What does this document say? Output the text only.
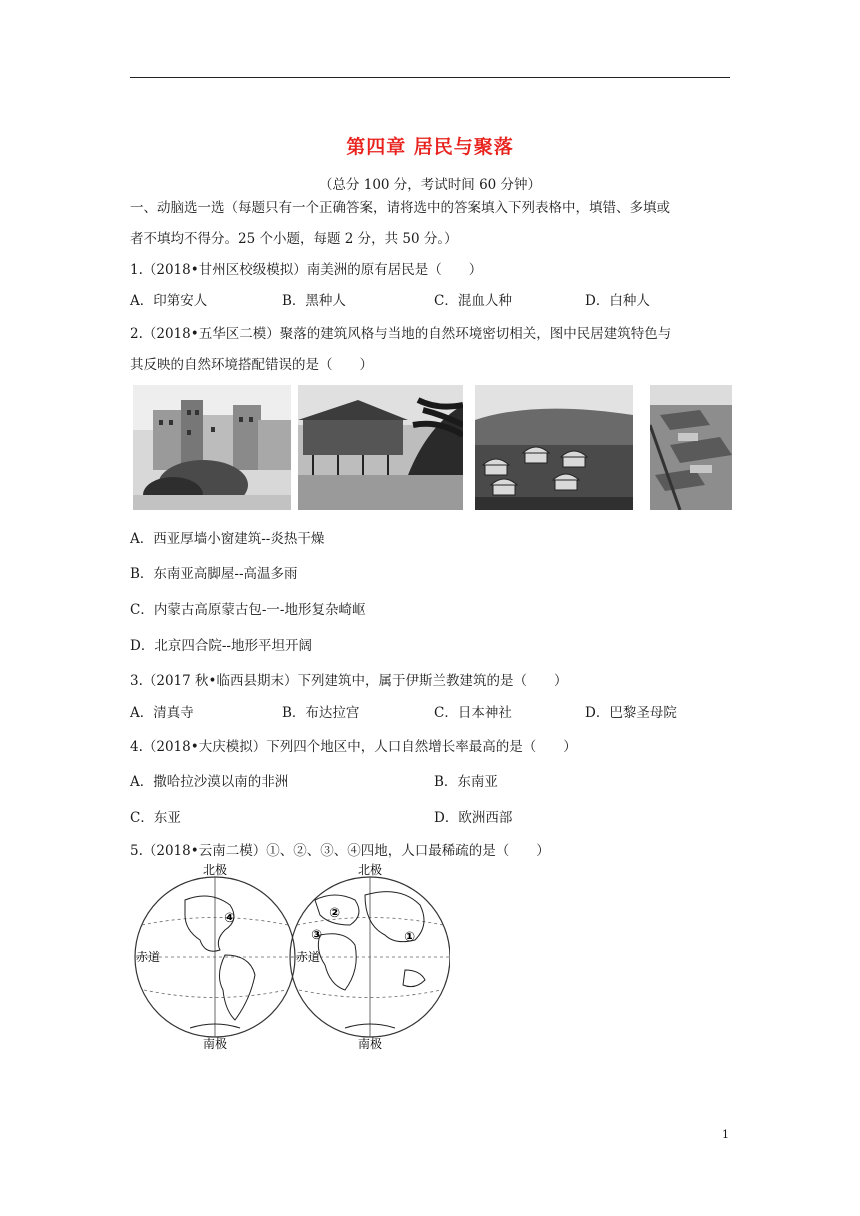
第四章 居民与聚落
（总分 100 分，考试时间 60 分钟）
一、动脑选一选（每题只有一个正确答案，请将选中的答案填入下列表格中，填错、多填或
者不填均不得分。25 个小题，每题 2 分，共 50 分。）
1.（2018•甘州区校级模拟）南美洲的原有居民是（　　）
A．印第安人	B．黑种人	C．混血人种	D．白种人
2.（2018•五华区二模）聚落的建筑风格与当地的自然环境密切相关，图中民居建筑特色与
其反映的自然环境搭配错误的是（　　）
A．西亚厚墙小窗建筑--炎热干燥
B．东南亚高脚屋--高温多雨
C．内蒙古高原蒙古包-一-地形复杂崎岖
D．北京四合院--地形平坦开阔
3.（2017 秋•临西县期末）下列建筑中，属于伊斯兰教建筑的是（　　）
A．清真寺	B．布达拉宫	C．日本神社	D．巴黎圣母院
4.（2018•大庆模拟）下列四个地区中，人口自然增长率最高的是（　　）
A．撒哈拉沙漠以南的非洲	B．东南亚
C．东亚	D．欧洲西部
5.（2018•云南二模）①、②、③、④四地，人口最稀疏的是（　　）
北极	北极
南极	南极
赤道	赤道
①
②
③
④
1
